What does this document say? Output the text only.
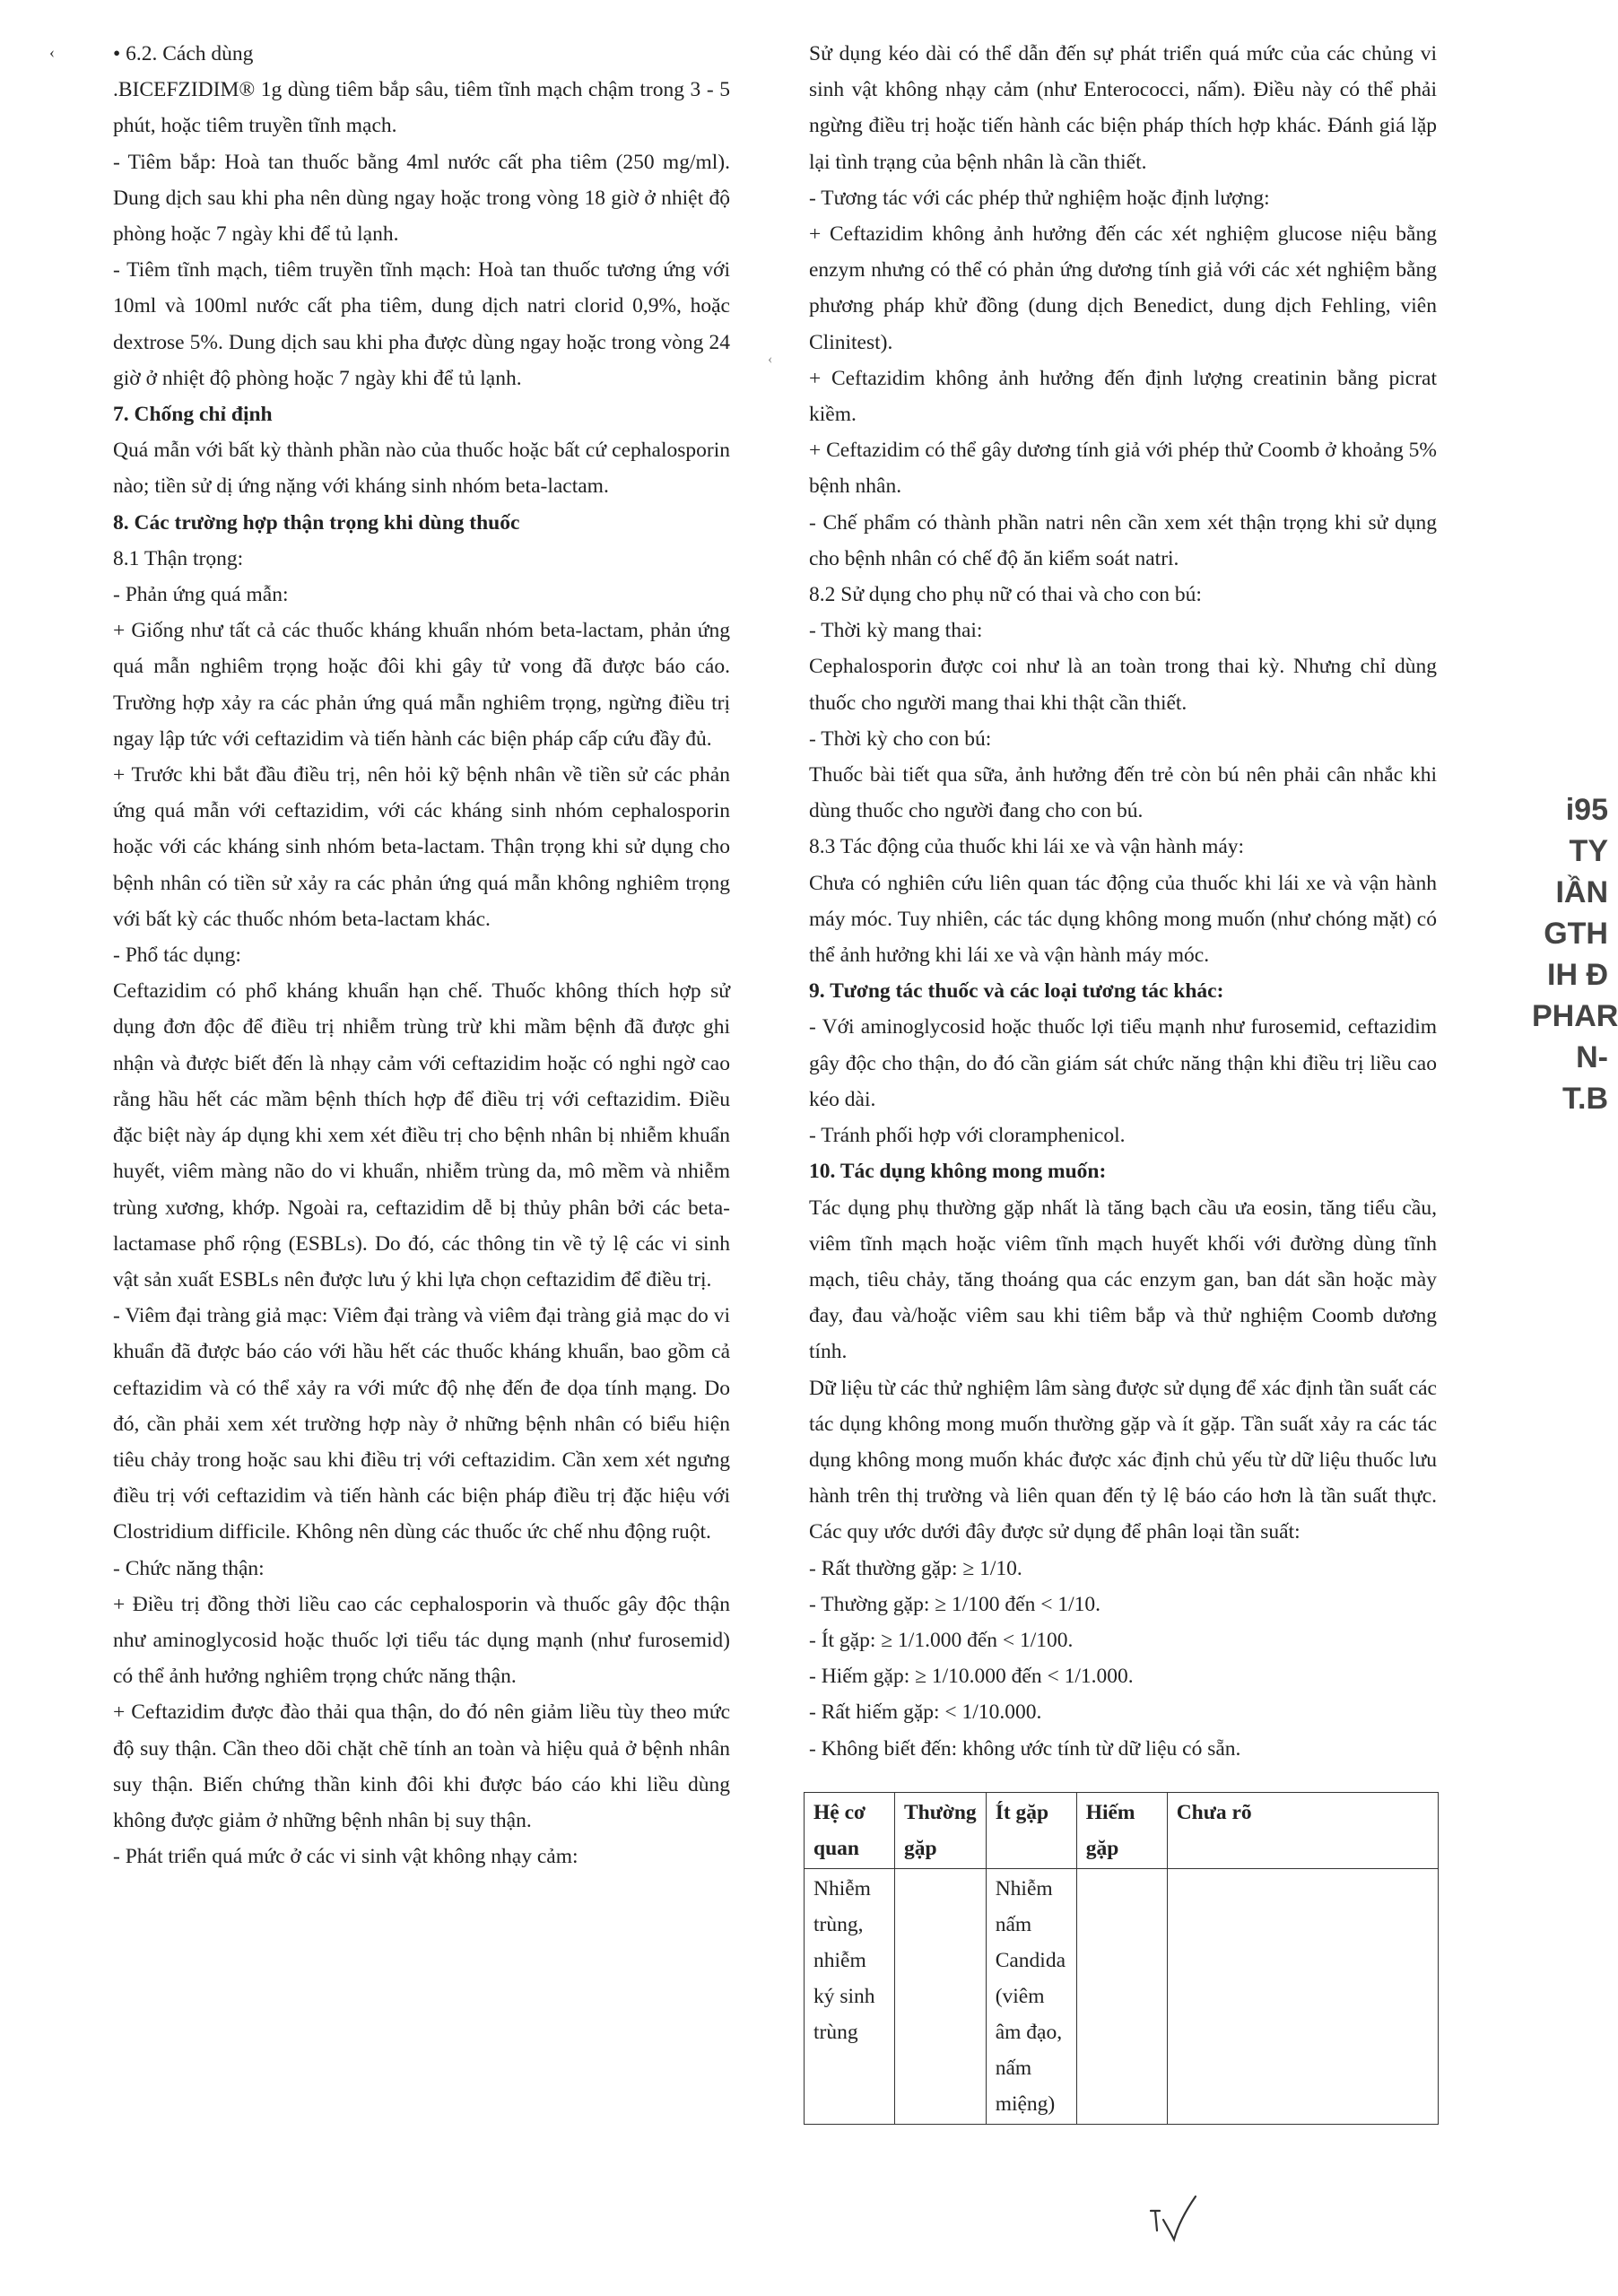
‹
‹

• 6.2. Cách dùng

.BICEFZIDIM® 1g dùng tiêm bắp sâu, tiêm tĩnh mạch chậm trong 3 - 5 phút, hoặc tiêm truyền tĩnh mạch.

- Tiêm bắp: Hoà tan thuốc bằng 4ml nước cất pha tiêm (250 mg/ml). Dung dịch sau khi pha nên dùng ngay hoặc trong vòng 18 giờ ở nhiệt độ phòng hoặc 7 ngày khi để tủ lạnh.

- Tiêm tĩnh mạch, tiêm truyền tĩnh mạch: Hoà tan thuốc tương ứng với 10ml và 100ml nước cất pha tiêm, dung dịch natri clorid 0,9%, hoặc dextrose 5%. Dung dịch sau khi pha được dùng ngay hoặc trong vòng 24 giờ ở nhiệt độ phòng hoặc 7 ngày khi để tủ lạnh.

7. Chống chỉ định

Quá mẫn với bất kỳ thành phần nào của thuốc hoặc bất cứ cephalosporin nào; tiền sử dị ứng nặng với kháng sinh nhóm beta-lactam.

8. Các trường hợp thận trọng khi dùng thuốc

8.1 Thận trọng:

- Phản ứng quá mẫn:

+ Giống như tất cả các thuốc kháng khuẩn nhóm beta-lactam, phản ứng quá mẫn nghiêm trọng hoặc đôi khi gây tử vong đã được báo cáo. Trường hợp xảy ra các phản ứng quá mẫn nghiêm trọng, ngừng điều trị ngay lập tức với ceftazidim và tiến hành các biện pháp cấp cứu đầy đủ.

+ Trước khi bắt đầu điều trị, nên hỏi kỹ bệnh nhân về tiền sử các phản ứng quá mẫn với ceftazidim, với các kháng sinh nhóm cephalosporin hoặc với các kháng sinh nhóm beta-lactam. Thận trọng khi sử dụng cho bệnh nhân có tiền sử xảy ra các phản ứng quá mẫn không nghiêm trọng với bất kỳ các thuốc nhóm beta-lactam khác.

- Phổ tác dụng:

Ceftazidim có phổ kháng khuẩn hạn chế. Thuốc không thích hợp sử dụng đơn độc để điều trị nhiễm trùng trừ khi mầm bệnh đã được ghi nhận và được biết đến là nhạy cảm với ceftazidim hoặc có nghi ngờ cao rằng hầu hết các mầm bệnh thích hợp để điều trị với ceftazidim. Điều đặc biệt này áp dụng khi xem xét điều trị cho bệnh nhân bị nhiễm khuẩn huyết, viêm màng não do vi khuẩn, nhiễm trùng da, mô mềm và nhiễm trùng xương, khớp. Ngoài ra, ceftazidim dễ bị thủy phân bởi các beta-lactamase phổ rộng (ESBLs). Do đó, các thông tin về tỷ lệ các vi sinh vật sản xuất ESBLs nên được lưu ý khi lựa chọn ceftazidim để điều trị.

- Viêm đại tràng giả mạc: Viêm đại tràng và viêm đại tràng giả mạc do vi khuẩn đã được báo cáo với hầu hết các thuốc kháng khuẩn, bao gồm cả ceftazidim và có thể xảy ra với mức độ nhẹ đến đe dọa tính mạng. Do đó, cần phải xem xét trường hợp này ở những bệnh nhân có biểu hiện tiêu chảy trong hoặc sau khi điều trị với ceftazidim. Cần xem xét ngưng điều trị với ceftazidim và tiến hành các biện pháp điều trị đặc hiệu với Clostridium difficile. Không nên dùng các thuốc ức chế nhu động ruột.

- Chức năng thận:

+ Điều trị đồng thời liều cao các cephalosporin và thuốc gây độc thận như aminoglycosid hoặc thuốc lợi tiểu tác dụng mạnh (như furosemid) có thể ảnh hưởng nghiêm trọng chức năng thận.

+ Ceftazidim được đào thải qua thận, do đó nên giảm liều tùy theo mức độ suy thận. Cần theo dõi chặt chẽ tính an toàn và hiệu quả ở bệnh nhân suy thận. Biến chứng thần kinh đôi khi được báo cáo khi liều dùng không được giảm ở những bệnh nhân bị suy thận.

- Phát triển quá mức ở các vi sinh vật không nhạy cảm:

Sử dụng kéo dài có thể dẫn đến sự phát triển quá mức của các chủng vi sinh vật không nhạy cảm (như Enterococci, nấm). Điều này có thể phải ngừng điều trị hoặc tiến hành các biện pháp thích hợp khác. Đánh giá lặp lại tình trạng của bệnh nhân là cần thiết.

- Tương tác với các phép thử nghiệm hoặc định lượng:

+ Ceftazidim không ảnh hưởng đến các xét nghiệm glucose niệu bằng enzym nhưng có thể có phản ứng dương tính giả với các xét nghiệm bằng phương pháp khử đồng (dung dịch Benedict, dung dịch Fehling, viên Clinitest).

+ Ceftazidim không ảnh hưởng đến định lượng creatinin bằng picrat kiềm.

+ Ceftazidim có thể gây dương tính giả với phép thử Coomb ở khoảng 5% bệnh nhân.

- Chế phẩm có thành phần natri nên cần xem xét thận trọng khi sử dụng cho bệnh nhân có chế độ ăn kiểm soát natri.

8.2 Sử dụng cho phụ nữ có thai và cho con bú:

- Thời kỳ mang thai:

Cephalosporin được coi như là an toàn trong thai kỳ. Nhưng chỉ dùng thuốc cho người mang thai khi thật cần thiết.

- Thời kỳ cho con bú:

Thuốc bài tiết qua sữa, ảnh hưởng đến trẻ còn bú nên phải cân nhắc khi dùng thuốc cho người đang cho con bú.

8.3 Tác động của thuốc khi lái xe và vận hành máy:

Chưa có nghiên cứu liên quan tác động của thuốc khi lái xe và vận hành máy móc. Tuy nhiên, các tác dụng không mong muốn (như chóng mặt) có thể ảnh hưởng khi lái xe và vận hành máy móc.

9. Tương tác thuốc và các loại tương tác khác:

- Với aminoglycosid hoặc thuốc lợi tiểu mạnh như furosemid, ceftazidim gây độc cho thận, do đó cần giám sát chức năng thận khi điều trị liều cao kéo dài.

- Tránh phối hợp với cloramphenicol.

10. Tác dụng không mong muốn:

Tác dụng phụ thường gặp nhất là tăng bạch cầu ưa eosin, tăng tiểu cầu, viêm tĩnh mạch hoặc viêm tĩnh mạch huyết khối với đường dùng tĩnh mạch, tiêu chảy, tăng thoáng qua các enzym gan, ban dát sần hoặc mày đay, đau và/hoặc viêm sau khi tiêm bắp và thử nghiệm Coomb dương tính.

Dữ liệu từ các thử nghiệm lâm sàng được sử dụng để xác định tần suất các tác dụng không mong muốn thường gặp và ít gặp. Tần suất xảy ra các tác dụng không mong muốn khác được xác định chủ yếu từ dữ liệu thuốc lưu hành trên thị trường và liên quan đến tỷ lệ báo cáo hơn là tần suất thực. Các quy ước dưới đây được sử dụng để phân loại tần suất:

- Rất thường gặp: ≥ 1/10.

- Thường gặp: ≥ 1/100 đến < 1/10.

- Ít gặp: ≥ 1/1.000 đến < 1/100.

- Hiếm gặp: ≥ 1/10.000 đến < 1/1.000.

- Rất hiếm gặp: < 1/10.000.

- Không biết đến: không ước tính từ dữ liệu có sẵn.

Hệ cơ quan	Thường gặp	Ít gặp	Hiếm gặp	Chưa rõ
Nhiễm trùng, nhiễm ký sinh trùng		Nhiễm nấm Candida (viêm âm đạo, nấm miệng)		
i95
TY
IẦN
GTH
IH Đ
PHAR
N-T.B
